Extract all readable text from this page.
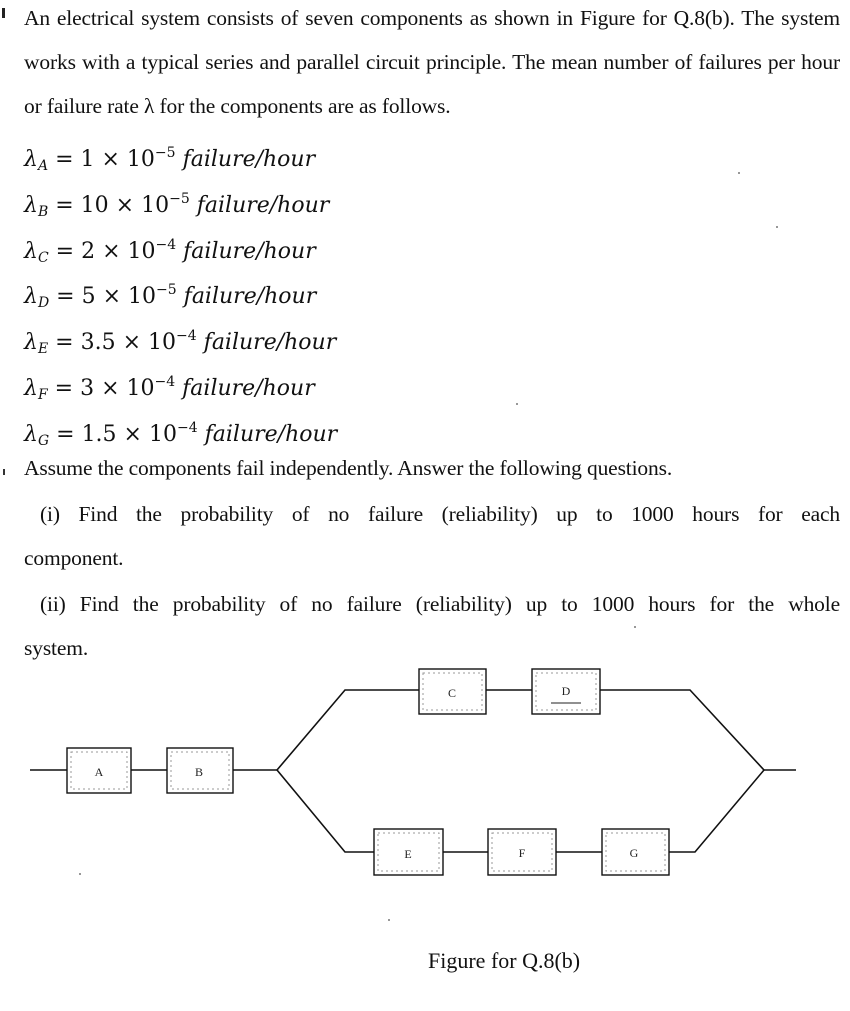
An electrical system consists of seven components as shown in Figure for Q.8(b). The system works with a typical series and parallel circuit principle. The mean number of failures per hour or failure rate λ for the components are as follows.
$\lambda_A = 1 \times 10^{-5}$ failure/hour
$\lambda_B = 10 \times 10^{-5}$ failure/hour
$\lambda_C = 2 \times 10^{-4}$ failure/hour
$\lambda_D = 5 \times 10^{-5}$ failure/hour
$\lambda_E = 3.5 \times 10^{-4}$ failure/hour
$\lambda_F = 3 \times 10^{-4}$ failure/hour
$\lambda_G = 1.5 \times 10^{-4}$ failure/hour
Assume the components fail independently. Answer the following questions.
(i) Find the probability of no failure (reliability) up to 1000 hours for each
component.
(ii) Find the probability of no failure (reliability) up to 1000 hours for the whole
system.
A	B
C	D
E	F	G
Figure for Q.8(b)
